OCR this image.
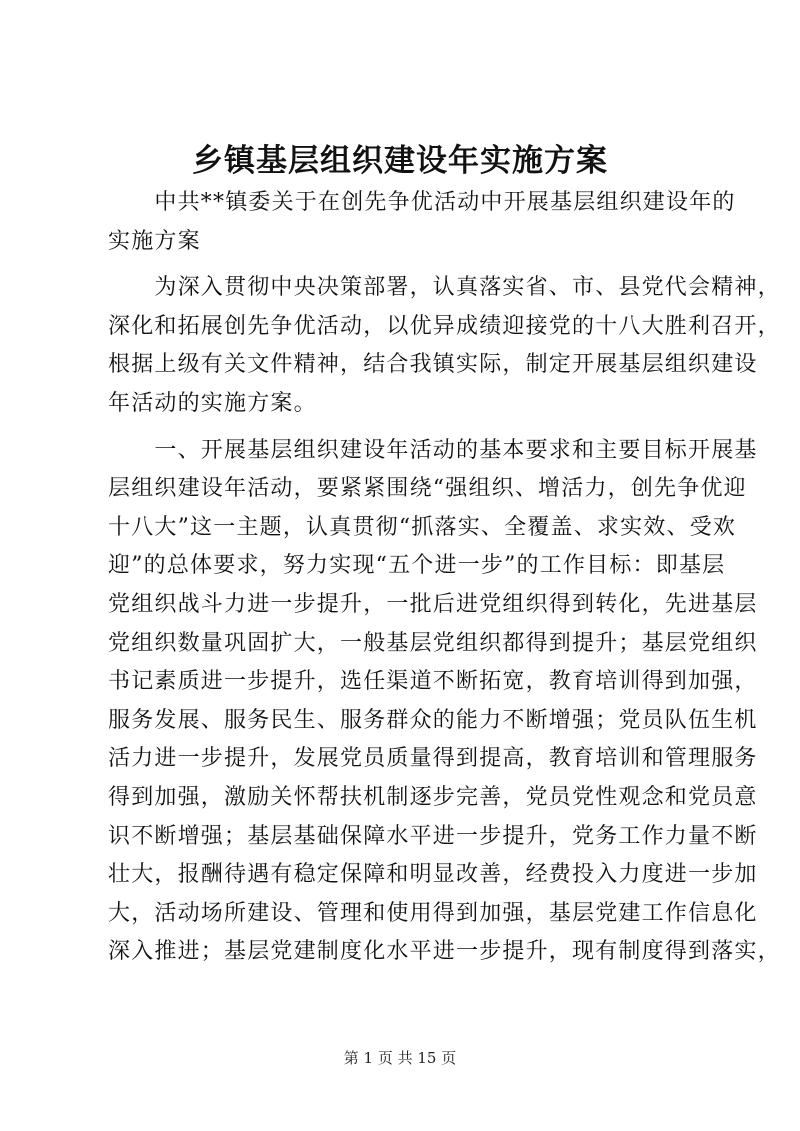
乡镇基层组织建设年实施方案
　　中共**镇委关于在创先争优活动中开展基层组织建设年的
实施方案
　　为深入贯彻中央决策部署，认真落实省、市、县党代会精神，
深化和拓展创先争优活动，以优异成绩迎接党的十八大胜利召开，
根据上级有关文件精神，结合我镇实际，制定开展基层组织建设
年活动的实施方案。
　　一、开展基层组织建设年活动的基本要求和主要目标开展基
层组织建设年活动，要紧紧围绕“强组织、增活力，创先争优迎
十八大”这一主题，认真贯彻“抓落实、全覆盖、求实效、受欢
迎”的总体要求，努力实现“五个进一步”的工作目标：即基层
党组织战斗力进一步提升，一批后进党组织得到转化，先进基层
党组织数量巩固扩大，一般基层党组织都得到提升；基层党组织
书记素质进一步提升，选任渠道不断拓宽，教育培训得到加强，
服务发展、服务民生、服务群众的能力不断增强；党员队伍生机
活力进一步提升，发展党员质量得到提高，教育培训和管理服务
得到加强，激励关怀帮扶机制逐步完善，党员党性观念和党员意
识不断增强；基层基础保障水平进一步提升，党务工作力量不断
壮大，报酬待遇有稳定保障和明显改善，经费投入力度进一步加
大，活动场所建设、管理和使用得到加强，基层党建工作信息化
深入推进；基层党建制度化水平进一步提升，现有制度得到落实，
第 1 页 共 15 页
